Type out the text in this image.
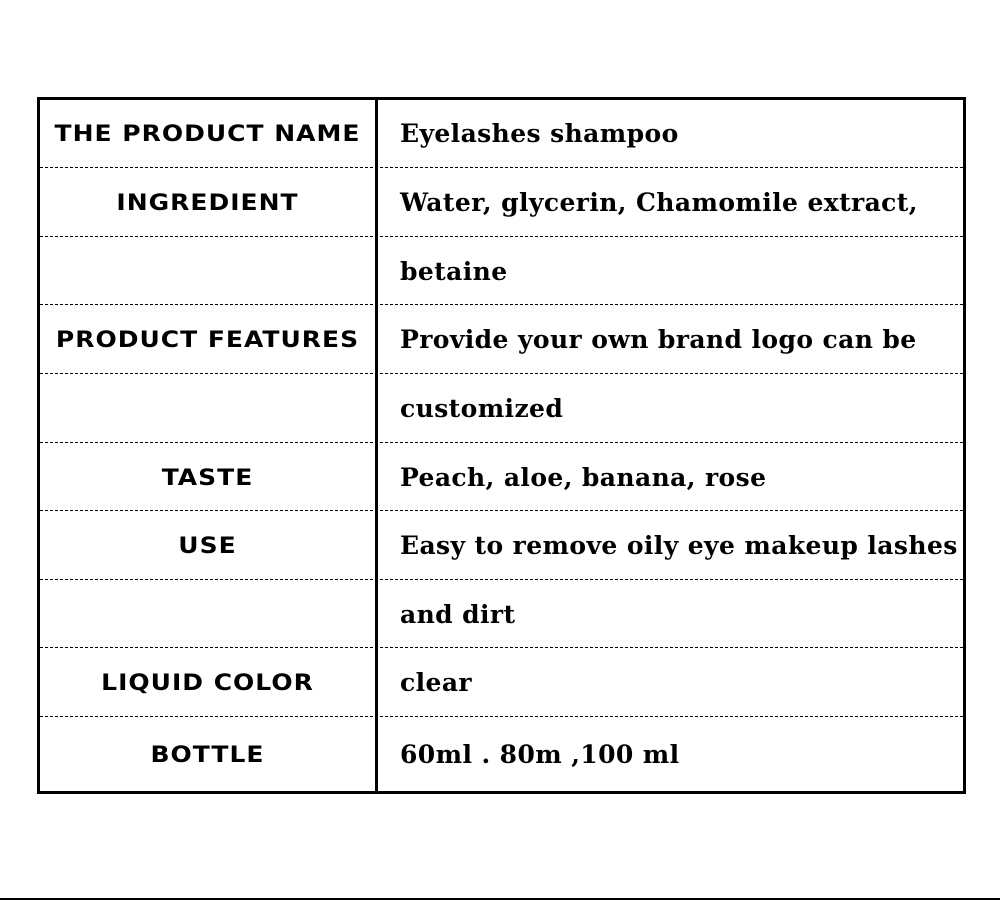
THE PRODUCT NAME	Eyelashes shampoo
INGREDIENT	Water, glycerin, Chamomile extract,
betaine
PRODUCT FEATURES	Provide your own brand logo can be
customized
TASTE	Peach, aloe, banana, rose
USE	Easy to remove oily eye makeup lashes
and dirt
LIQUID COLOR	clear
BOTTLE	60ml . 80m ,100 ml
